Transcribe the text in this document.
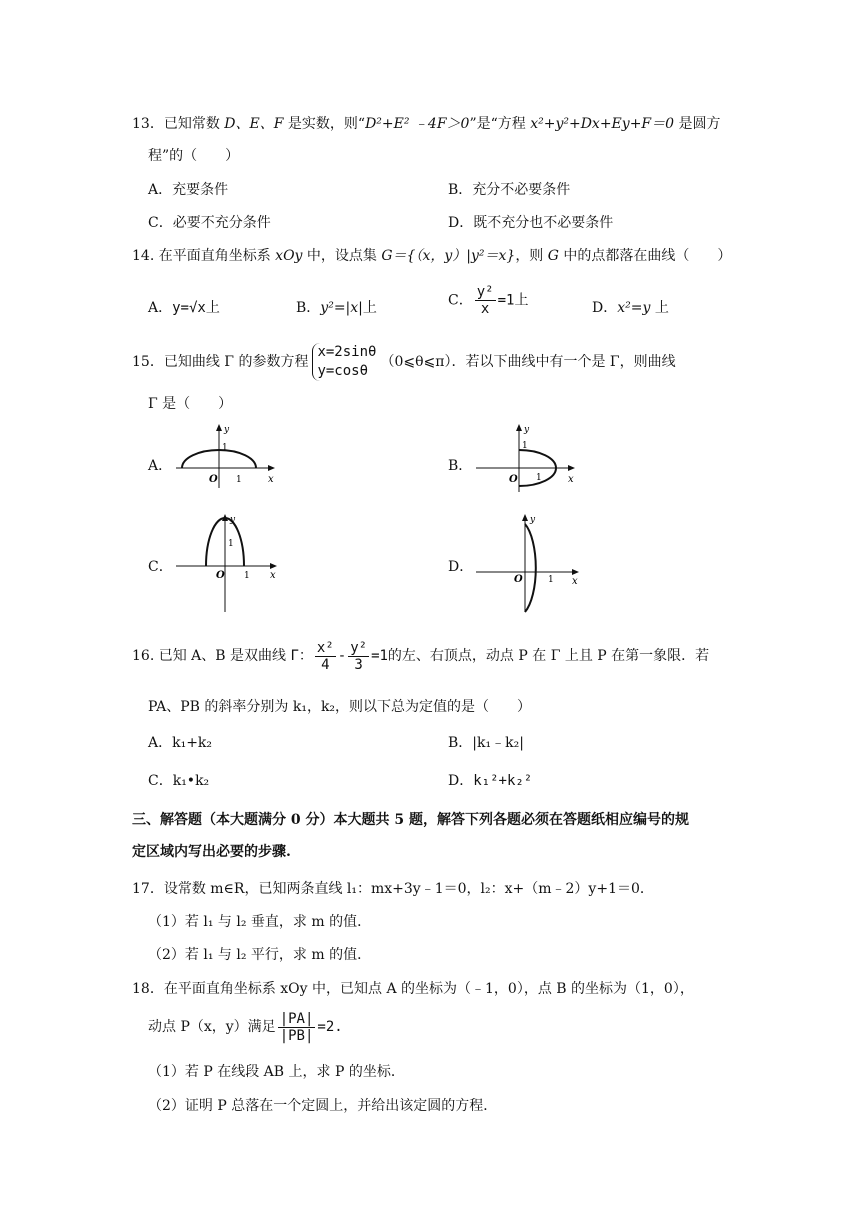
13．已知常数 D、E、F 是实数，则“D²+E² ﹣4F＞0”是“方程 x²+y²+Dx+Ey+F＝0 是圆方
程”的（　　）
A．充要条件	B．充分不必要条件
C．必要不充分条件	D．既不充分也不必要条件
14. 在平面直角坐标系 xOy 中，设点集 G＝{（x，y）|y²＝x}，则 G 中的点都落在曲线（　　）
A．y=√x上	B．y²=|x|上	C． $\frac{\text{y²}}{x} =1$上	D．x²=y 上
15．已知曲线 Γ 的参数方程
x=2sinθ
y=cosθ
（0⩽θ⩽π）．若以下曲线中有一个是 Γ，则曲线
Γ 是（　　）
A．
y
x
O 1
1
B．
y
x
O 1
1
C．
y
x
O 1
1
D．
y
x
O	1
16. 已知 A、B 是双曲线 Γ： $\frac{\text{x²}}{4} - \frac{\text{y²}}{3} =1$的左、右顶点，动点 P 在 Γ 上且 P 在第一象限．若
PA、PB 的斜率分别为 k₁，k₂，则以下总为定值的是（　　）
A．k₁+k₂	B．|k₁﹣k₂|
C．k₁•k₂	D．k₁²+k₂²
三、解答题（本大题满分 0 分）本大题共 5 题，解答下列各题必须在答题纸相应编号的规
定区域内写出必要的步骤.
17．设常数 m∈R，已知两条直线 l₁：mx+3y﹣1＝0，l₂：x+（m﹣2）y+1＝0．
（1）若 l₁ 与 l₂ 垂直，求 m 的值．
（2）若 l₁ 与 l₂ 平行，求 m 的值．
18．在平面直角坐标系 xOy 中，已知点 A 的坐标为（﹣1，0），点 B 的坐标为（1，0），
动点 P（x，y）满足 $\frac{|PA|}{|PB|} =2$.
（1）若 P 在线段 AB 上，求 P 的坐标．
（2）证明 P 总落在一个定圆上，并给出该定圆的方程．
